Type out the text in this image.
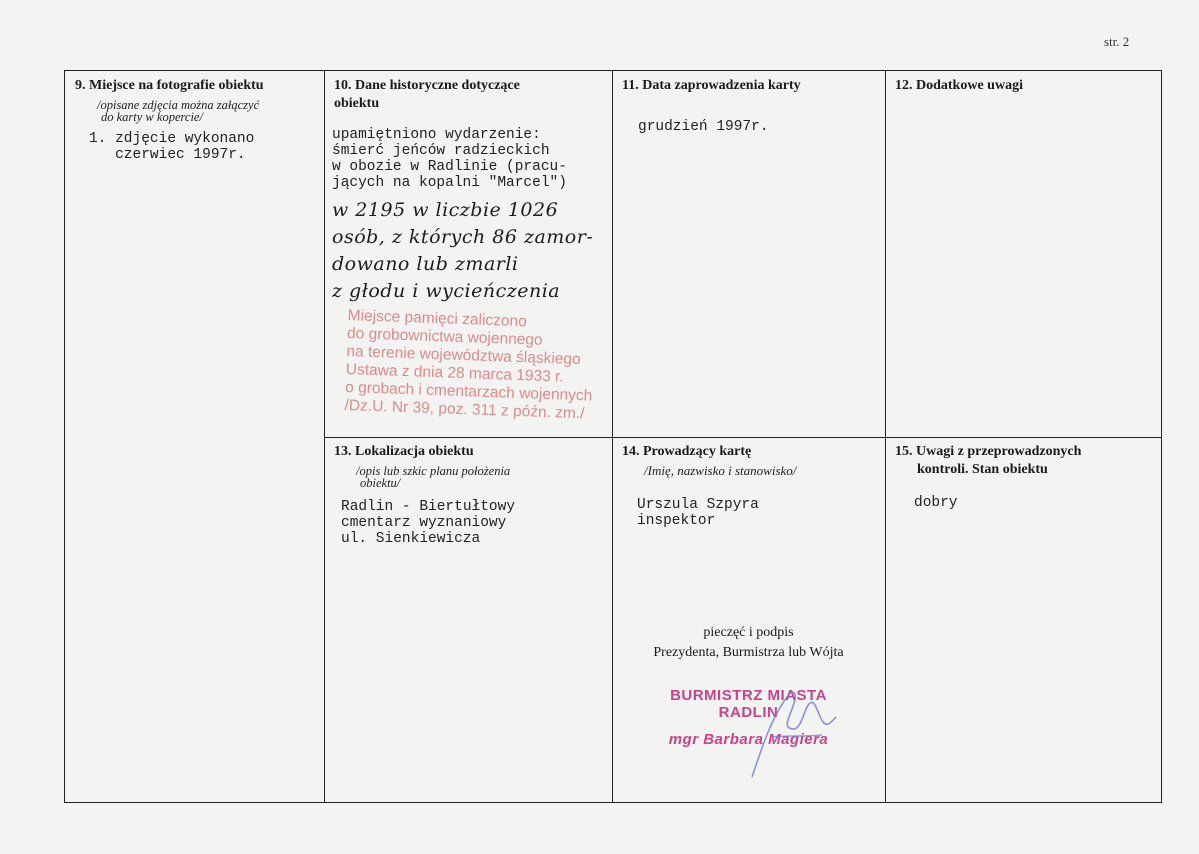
str. 2
9. Miejsce na fotografie obiektu
/opisane zdjęcia można załączyć
do karty w kopercie/
1. zdjęcie wykonano
czerwiec 1997r.
10. Dane historyczne dotyczące
obiektu
upamiętniono wydarzenie:
śmierć jeńców radzieckich
w obozie w Radlinie (pracu-
jących na kopalni "Marcel")
w 2195 w liczbie 1026
osób, z których 86 zamor-
dowano lub zmarli
z głodu i wycieńczenia
Miejsce pamięci zaliczono
do grobownictwa wojennego
na terenie województwa śląskiego
Ustawa z dnia 28 marca 1933 r.
o grobach i cmentarzach wojennych
/Dz.U. Nr 39, poz. 311 z późn. zm./
11. Data zaprowadzenia karty
grudzień 1997r.
12. Dodatkowe uwagi
13. Lokalizacja obiektu
/opis lub szkic planu położenia
obiektu/
Radlin - Biertułtowy
cmentarz wyznaniowy
ul. Sienkiewicza
14. Prowadzący kartę
/Imię, nazwisko i stanowisko/
Urszula Szpyra
inspektor
pieczęć i podpis
Prezydenta, Burmistrza lub Wójta
BURMISTRZ MIASTA
RADLIN
mgr Barbara Magiera
15. Uwagi z przeprowadzonych
kontroli. Stan obiektu
dobry
